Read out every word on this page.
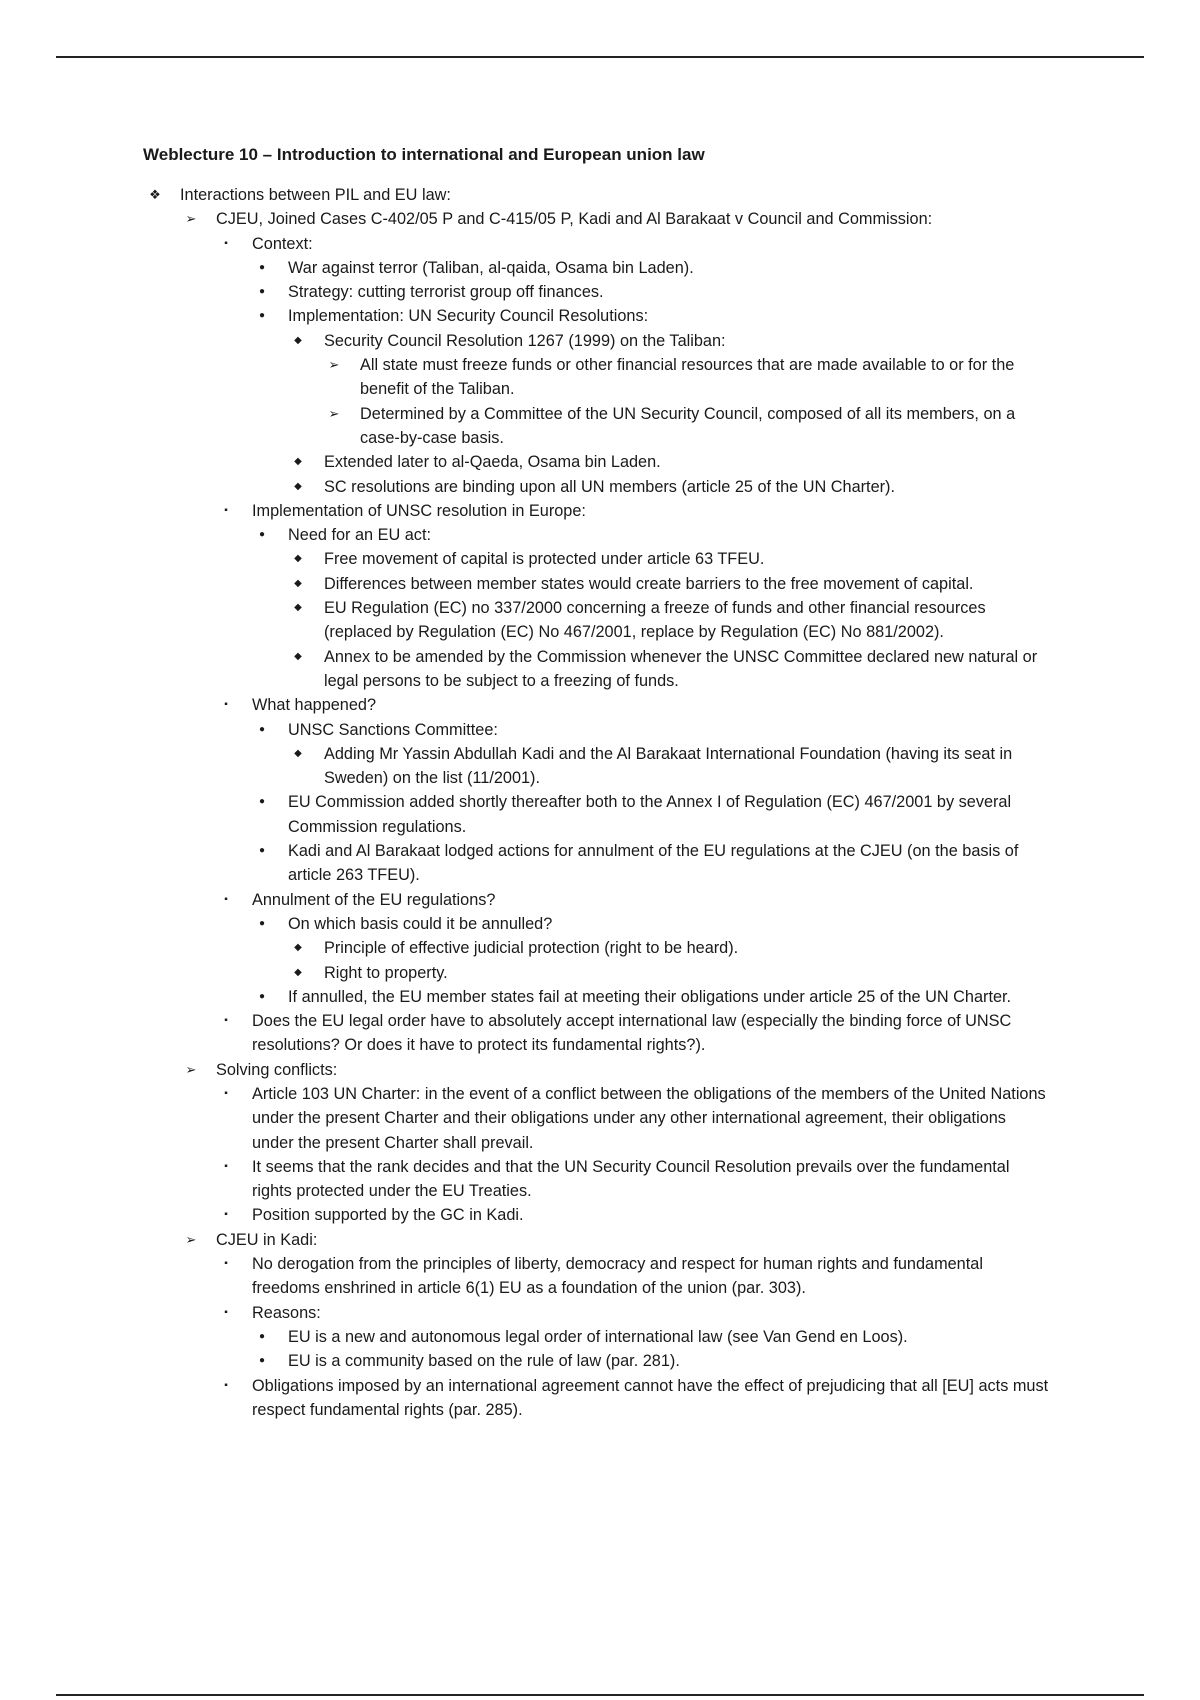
Weblecture 10 – Introduction to international and European union law
❖ Interactions between PIL and EU law:
➢ CJEU, Joined Cases C-402/05 P and C-415/05 P, Kadi and Al Barakaat v Council and Commission:
▪	Context:
●	War against terror (Taliban, al-qaida, Osama bin Laden).
●	Strategy: cutting terrorist group off finances.
●	Implementation: UN Security Council Resolutions:
◆	Security Council Resolution 1267 (1999) on the Taliban:
➢ All state must freeze funds or other financial resources that are made available to or for the benefit of the Taliban.
➢ Determined by a Committee of the UN Security Council, composed of all its members, on a case-by-case basis.
◆	Extended later to al-Qaeda, Osama bin Laden.
◆	SC resolutions are binding upon all UN members (article 25 of the UN Charter).
▪	Implementation of UNSC resolution in Europe:
●	Need for an EU act:
◆	Free movement of capital is protected under article 63 TFEU.
◆	Differences between member states would create barriers to the free movement of capital.
◆	EU Regulation (EC) no 337/2000 concerning a freeze of funds and other financial resources (replaced by Regulation (EC) No 467/2001, replace by Regulation (EC) No 881/2002).
◆	Annex to be amended by the Commission whenever the UNSC Committee declared new natural or legal persons to be subject to a freezing of funds.
▪	What happened?
●	UNSC Sanctions Committee:
◆	Adding Mr Yassin Abdullah Kadi and the Al Barakaat International Foundation (having its seat in Sweden) on the list (11/2001).
●	EU Commission added shortly thereafter both to the Annex I of Regulation (EC) 467/2001 by several Commission regulations.
●	Kadi and Al Barakaat lodged actions for annulment of the EU regulations at the CJEU (on the basis of article 263 TFEU).
▪	Annulment of the EU regulations?
●	On which basis could it be annulled?
◆	Principle of effective judicial protection (right to be heard).
◆	Right to property.
●	If annulled, the EU member states fail at meeting their obligations under article 25 of the UN Charter.
▪	Does the EU legal order have to absolutely accept international law (especially the binding force of UNSC resolutions? Or does it have to protect its fundamental rights?).
➢ Solving conflicts:
▪	Article 103 UN Charter: in the event of a conflict between the obligations of the members of the United Nations under the present Charter and their obligations under any other international agreement, their obligations under the present Charter shall prevail.
▪	It seems that the rank decides and that the UN Security Council Resolution prevails over the fundamental rights protected under the EU Treaties.
▪	Position supported by the GC in Kadi.
➢ CJEU in Kadi:
▪	No derogation from the principles of liberty, democracy and respect for human rights and fundamental freedoms enshrined in article 6(1) EU as a foundation of the union (par. 303).
▪	Reasons:
●	EU is a new and autonomous legal order of international law (see Van Gend en Loos).
●	EU is a community based on the rule of law (par. 281).
▪	Obligations imposed by an international agreement cannot have the effect of prejudicing that all [EU] acts must respect fundamental rights (par. 285).
